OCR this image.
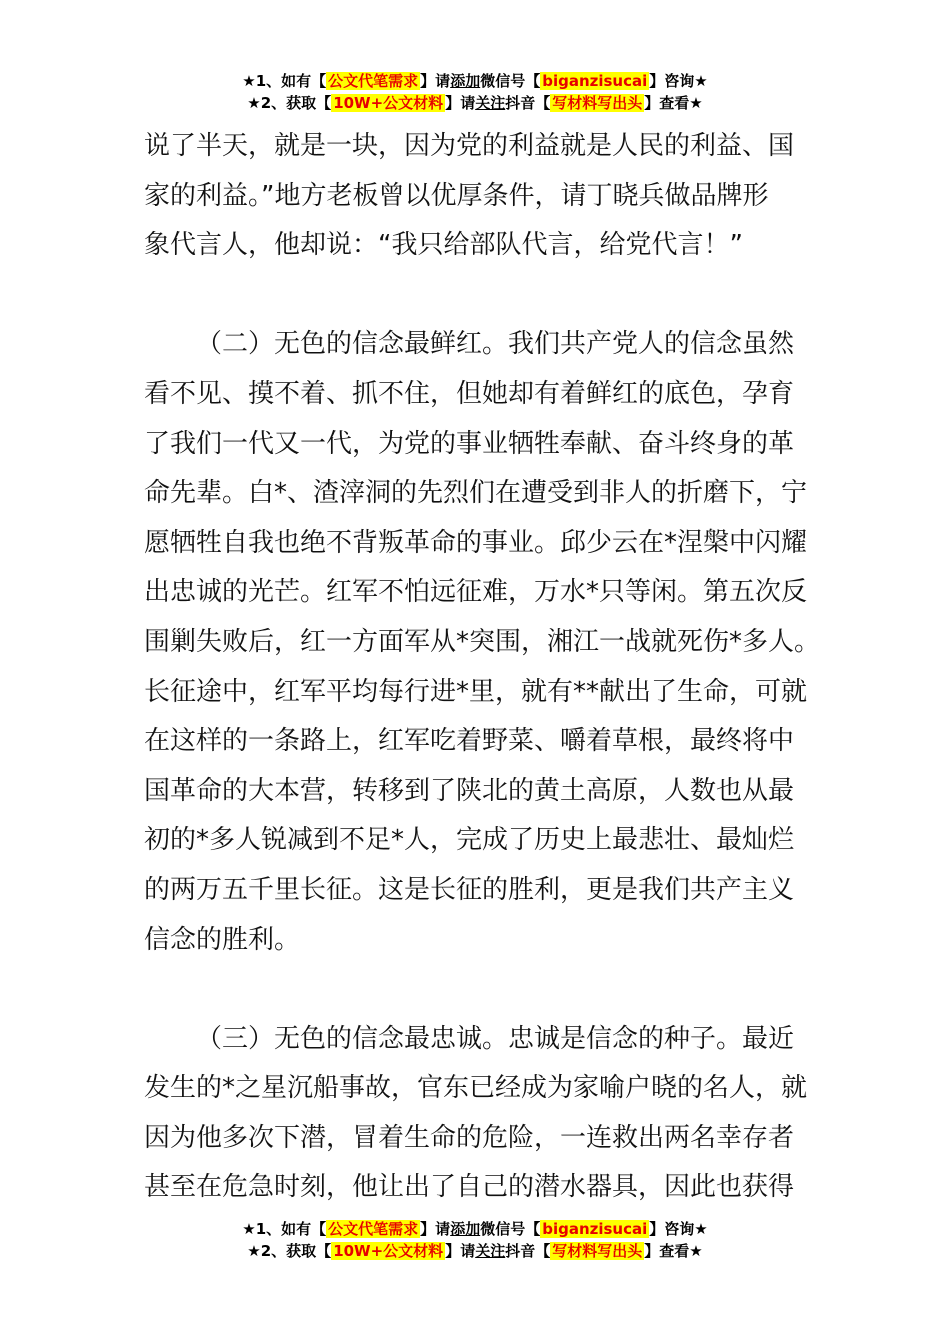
★1、如有【 公文代笔需求 】请添加微信号【 biganzisucai 】咨询★
★2、获取【 10W+公文材料 】请关注抖音【 写材料写出头 】查看★
说了半天，就是一块，因为党的利益就是人民的利益、国
家的利益。”地方老板曾以优厚条件，请丁晓兵做品牌形
象代言人，他却说：“我只给部队代言，给党代言！”
（二）无色的信念最鲜红。我们共产党人的信念虽然
看不见、摸不着、抓不住，但她却有着鲜红的底色，孕育
了我们一代又一代，为党的事业牺牲奉献、奋斗终身的革
命先辈。白*、渣滓洞的先烈们在遭受到非人的折磨下，宁
愿牺牲自我也绝不背叛革命的事业。邱少云在*涅槃中闪耀
出忠诚的光芒。红军不怕远征难，万水*只等闲。第五次反
围剿失败后，红一方面军从*突围，湘江一战就死伤*多人。
长征途中，红军平均每行进*里，就有**献出了生命，可就
在这样的一条路上，红军吃着野菜、嚼着草根，最终将中
国革命的大本营，转移到了陕北的黄土高原，人数也从最
初的*多人锐减到不足*人，完成了历史上最悲壮、最灿烂
的两万五千里长征。这是长征的胜利，更是我们共产主义
信念的胜利。
（三）无色的信念最忠诚。忠诚是信念的种子。最近
发生的*之星沉船事故，官东已经成为家喻户晓的名人，就
因为他多次下潜，冒着生命的危险，一连救出两名幸存者
甚至在危急时刻，他让出了自己的潜水器具，因此也获得
★1、如有【 公文代笔需求 】请添加微信号【 biganzisucai 】咨询★
★2、获取【 10W+公文材料 】请关注抖音【 写材料写出头 】查看★
